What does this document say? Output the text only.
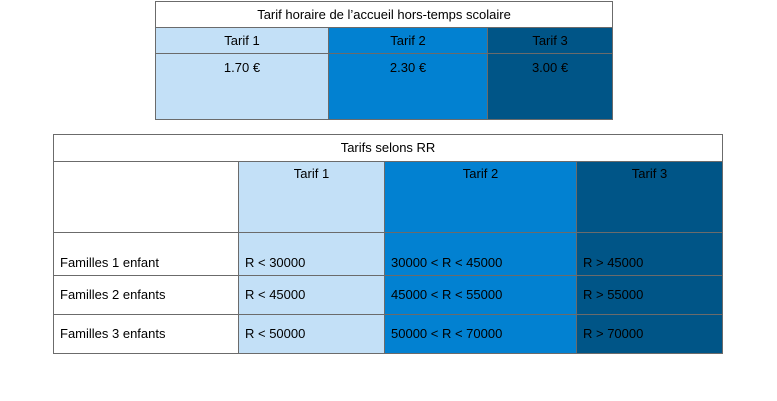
Tarif horaire de l’accueil hors-temps scolaire		
Tarif 1	Tarif 2	Tarif 3
1.70 €	2.30 €	3.00 €
Tarifs selons RR			
	Tarif 1	Tarif 2	Tarif 3
Familles 1 enfant	R < 30000	30000 < R < 45000	R > 45000
Familles 2 enfants	R < 45000	45000 < R < 55000	R > 55000
Familles 3 enfants	R < 50000	50000 < R < 70000	R > 70000
